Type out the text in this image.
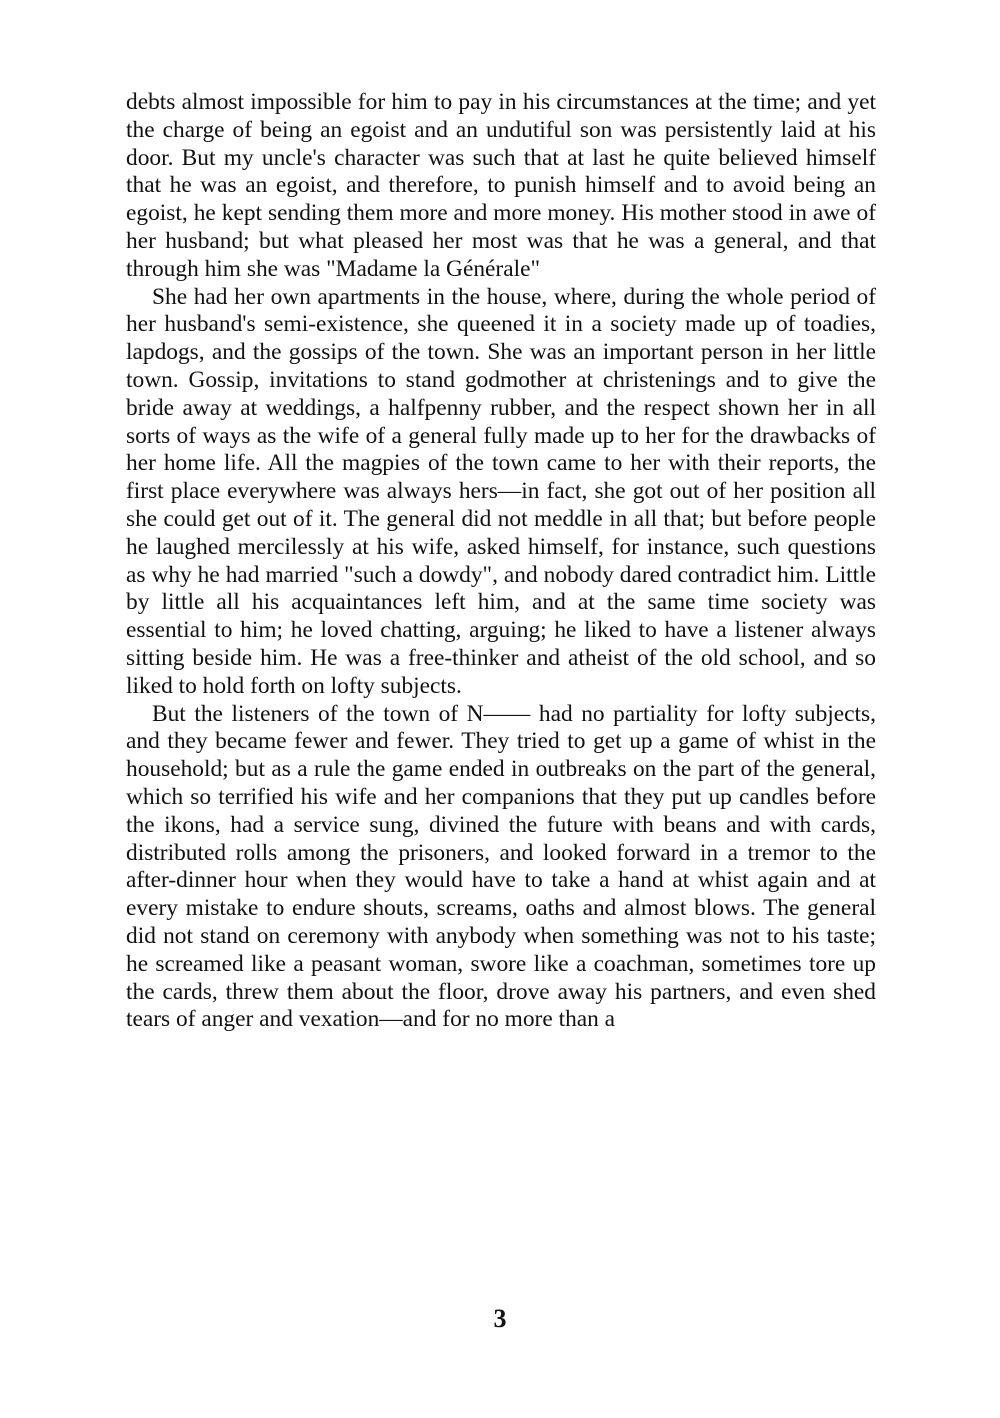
debts almost impossible for him to pay in his circumstances at the time; and yet the charge of being an egoist and an undutiful son was persistently laid at his door. But my uncle's character was such that at last he quite believed himself that he was an egoist, and therefore, to punish himself and to avoid being an egoist, he kept sending them more and more money. His mother stood in awe of her husband; but what pleased her most was that he was a general, and that through him she was "Madame la Générale"

She had her own apartments in the house, where, during the whole period of her husband's semi-existence, she queened it in a society made up of toadies, lapdogs, and the gossips of the town. She was an important person in her little town. Gossip, invitations to stand godmother at christenings and to give the bride away at weddings, a halfpenny rubber, and the respect shown her in all sorts of ways as the wife of a general fully made up to her for the drawbacks of her home life. All the magpies of the town came to her with their reports, the first place everywhere was always hers—in fact, she got out of her position all she could get out of it. The general did not meddle in all that; but before people he laughed mercilessly at his wife, asked himself, for instance, such questions as why he had married "such a dowdy", and nobody dared contradict him. Little by little all his acquaintances left him, and at the same time society was essential to him; he loved chatting, arguing; he liked to have a listener always sitting beside him. He was a free-thinker and atheist of the old school, and so liked to hold forth on lofty subjects.

But the listeners of the town of N—— had no partiality for lofty subjects, and they became fewer and fewer. They tried to get up a game of whist in the household; but as a rule the game ended in outbreaks on the part of the general, which so terrified his wife and her companions that they put up candles before the ikons, had a service sung, divined the future with beans and with cards, distributed rolls among the prisoners, and looked forward in a tremor to the after-dinner hour when they would have to take a hand at whist again and at every mistake to endure shouts, screams, oaths and almost blows. The general did not stand on ceremony with anybody when something was not to his taste; he screamed like a peasant woman, swore like a coachman, sometimes tore up the cards, threw them about the floor, drove away his partners, and even shed tears of anger and vexation—and for no more than a

3
